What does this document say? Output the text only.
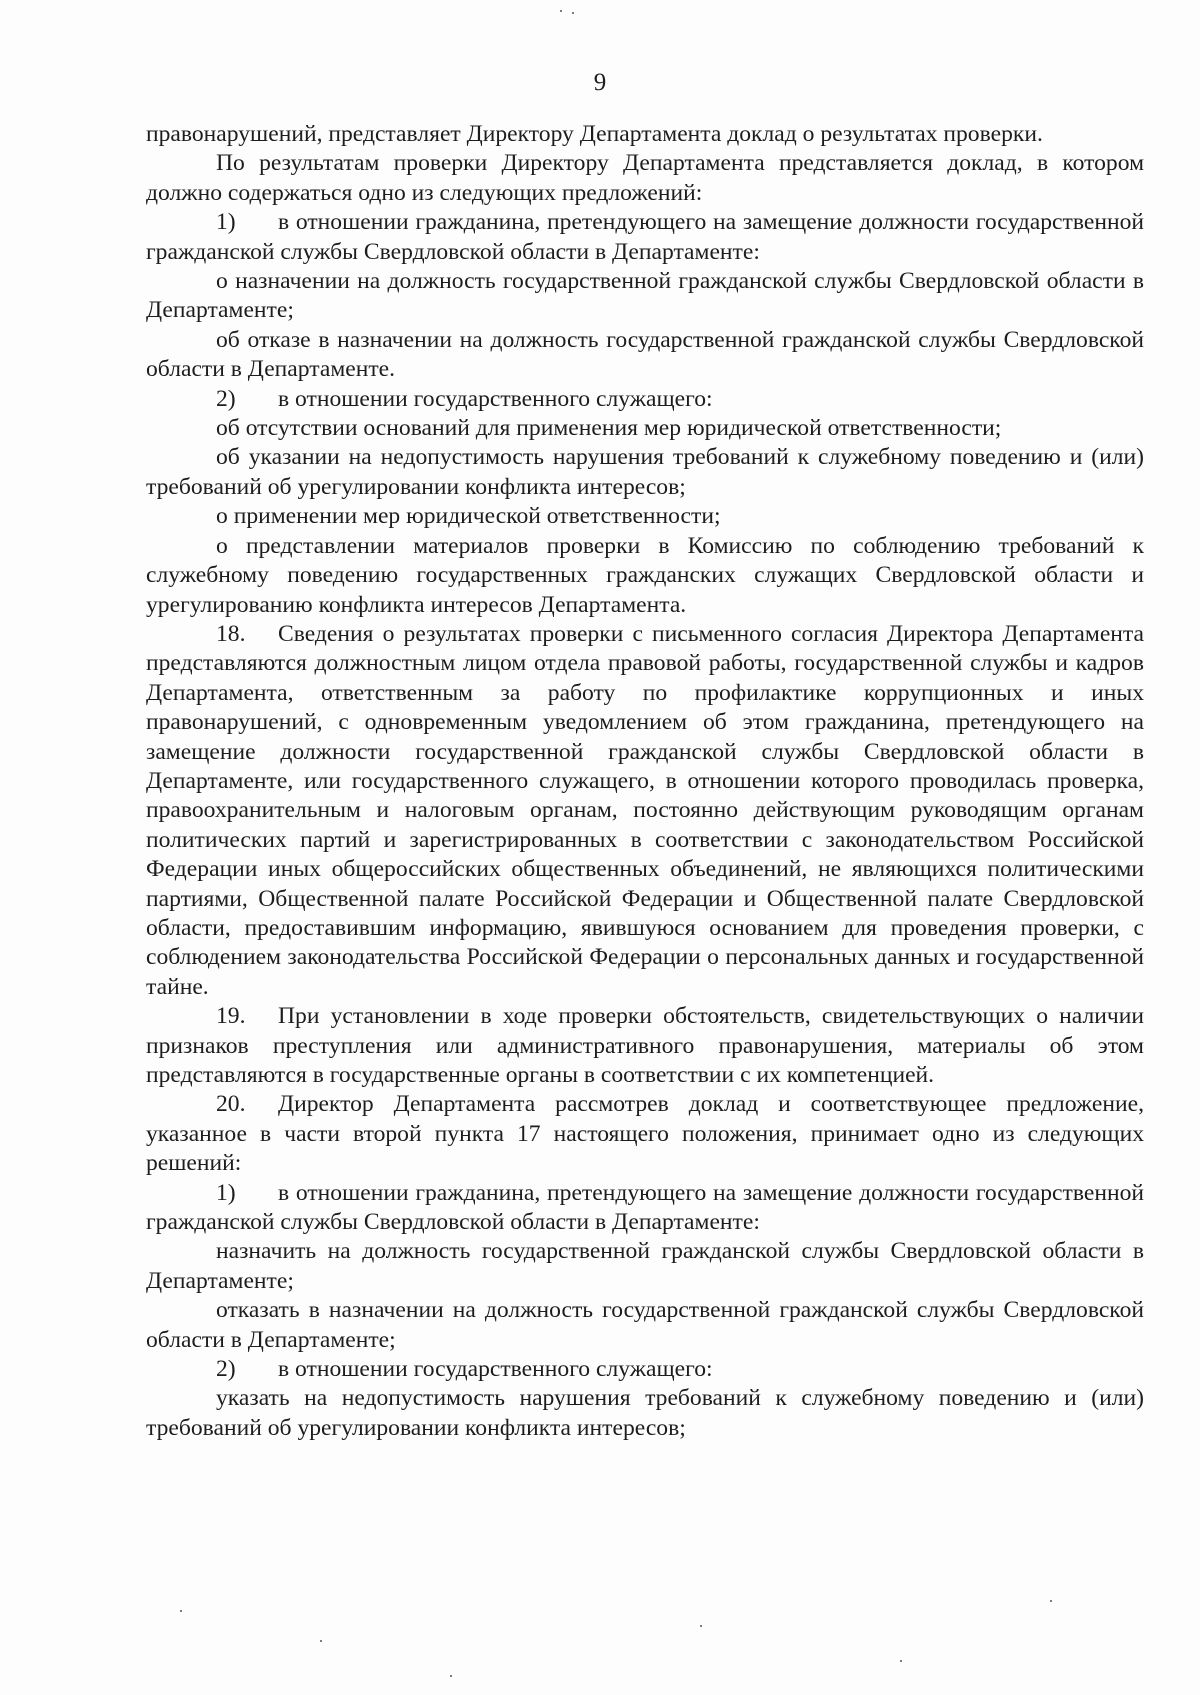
9

правонарушений, представляет Директору Департамента доклад о результатах проверки.

По результатам проверки Директору Департамента представляется доклад, в котором должно содержаться одно из следующих предложений:

1) в отношении гражданина, претендующего на замещение должности государственной гражданской службы Свердловской области в Департаменте:

о назначении на должность государственной гражданской службы Свердловской области в Департаменте;

об отказе в назначении на должность государственной гражданской службы Свердловской области в Департаменте.

2) в отношении государственного служащего:

об отсутствии оснований для применения мер юридической ответственности;

об указании на недопустимость нарушения требований к служебному поведению и (или) требований об урегулировании конфликта интересов;

о применении мер юридической ответственности;

о представлении материалов проверки в Комиссию по соблюдению требований к служебному поведению государственных гражданских служащих Свердловской области и урегулированию конфликта интересов Департамента.

18. Сведения о результатах проверки с письменного согласия Директора Департамента представляются должностным лицом отдела правовой работы, государственной службы и кадров Департамента, ответственным за работу по профилактике коррупционных и иных правонарушений, с одновременным уведомлением об этом гражданина, претендующего на замещение должности государственной гражданской службы Свердловской области в Департаменте, или государственного служащего, в отношении которого проводилась проверка, правоохранительным и налоговым органам, постоянно действующим руководящим органам политических партий и зарегистрированных в соответствии с законодательством Российской Федерации иных общероссийских общественных объединений, не являющихся политическими партиями, Общественной палате Российской Федерации и Общественной палате Свердловской области, предоставившим информацию, явившуюся основанием для проведения проверки, с соблюдением законодательства Российской Федерации о персональных данных и государственной тайне.

19. При установлении в ходе проверки обстоятельств, свидетельствующих о наличии признаков преступления или административного правонарушения, материалы об этом представляются в государственные органы в соответствии с их компетенцией.

20. Директор Департамента рассмотрев доклад и соответствующее предложение, указанное в части второй пункта 17 настоящего положения, принимает одно из следующих решений:

1) в отношении гражданина, претендующего на замещение должности государственной гражданской службы Свердловской области в Департаменте:

назначить на должность государственной гражданской службы Свердловской области в Департаменте;

отказать в назначении на должность государственной гражданской службы Свердловской области в Департаменте;

2) в отношении государственного служащего:

указать на недопустимость нарушения требований к служебному поведению и (или) требований об урегулировании конфликта интересов;
